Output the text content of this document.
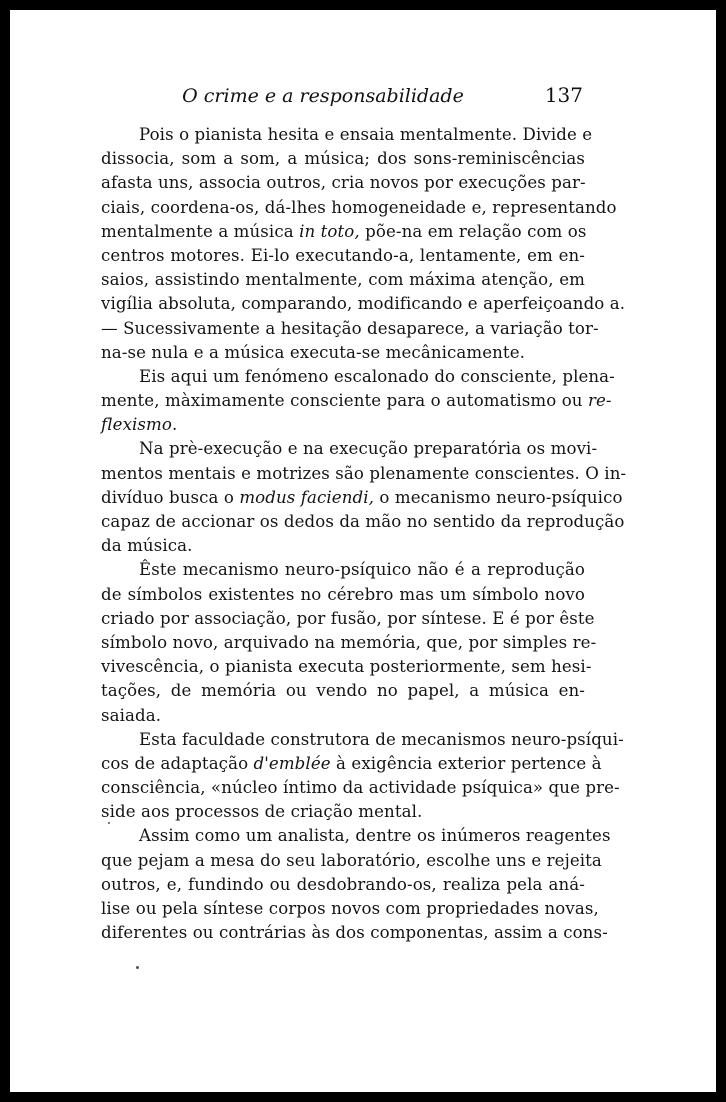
O crime e a responsabilidade	137
Pois o pianista hesita e ensaia mentalmente. Divide e
dissocia, som a som, a música; dos sons-reminiscências
afasta uns, associa outros, cria novos por execuções par-
ciais, coordena-os, dá-lhes homogeneidade e, representando
mentalmente a música in toto, põe-na em relação com os
centros motores. Ei-lo executando-a, lentamente, em en-
saios, assistindo mentalmente, com máxima atenção, em
vigília absoluta, comparando, modificando e aperfeiçoando a.
— Sucessivamente a hesitação desaparece, a variação tor-
na-se nula e a música executa-se mecânicamente.
Eis aqui um fenómeno escalonado do consciente, plena-
mente, màximamente consciente para o automatismo ou re-
flexismo.
Na prè-execução e na execução preparatória os movi-
mentos mentais e motrizes são plenamente conscientes. O in-
divíduo busca o modus faciendi, o mecanismo neuro-psíquico
capaz de accionar os dedos da mão no sentido da reprodução
da música.
Êste mecanismo neuro-psíquico não é a reprodução
de símbolos existentes no cérebro mas um símbolo novo
criado por associação, por fusão, por síntese. E é por êste
símbolo novo, arquivado na memória, que, por simples re-
vivescência, o pianista executa posteriormente, sem hesi-
tações, de memória ou vendo no papel, a música en-
saiada.
Esta faculdade construtora de mecanismos neuro-psíqui-
cos de adaptação d'emblée à exigência exterior pertence à
consciência, «núcleo íntimo da actividade psíquica» que pre-
side aos processos de criação mental.
Assim como um analista, dentre os inúmeros reagentes
que pejam a mesa do seu laboratório, escolhe uns e rejeita
outros, e, fundindo ou desdobrando-os, realiza pela aná-
lise ou pela síntese corpos novos com propriedades novas,
diferentes ou contrárias às dos componentas, assim a cons-
